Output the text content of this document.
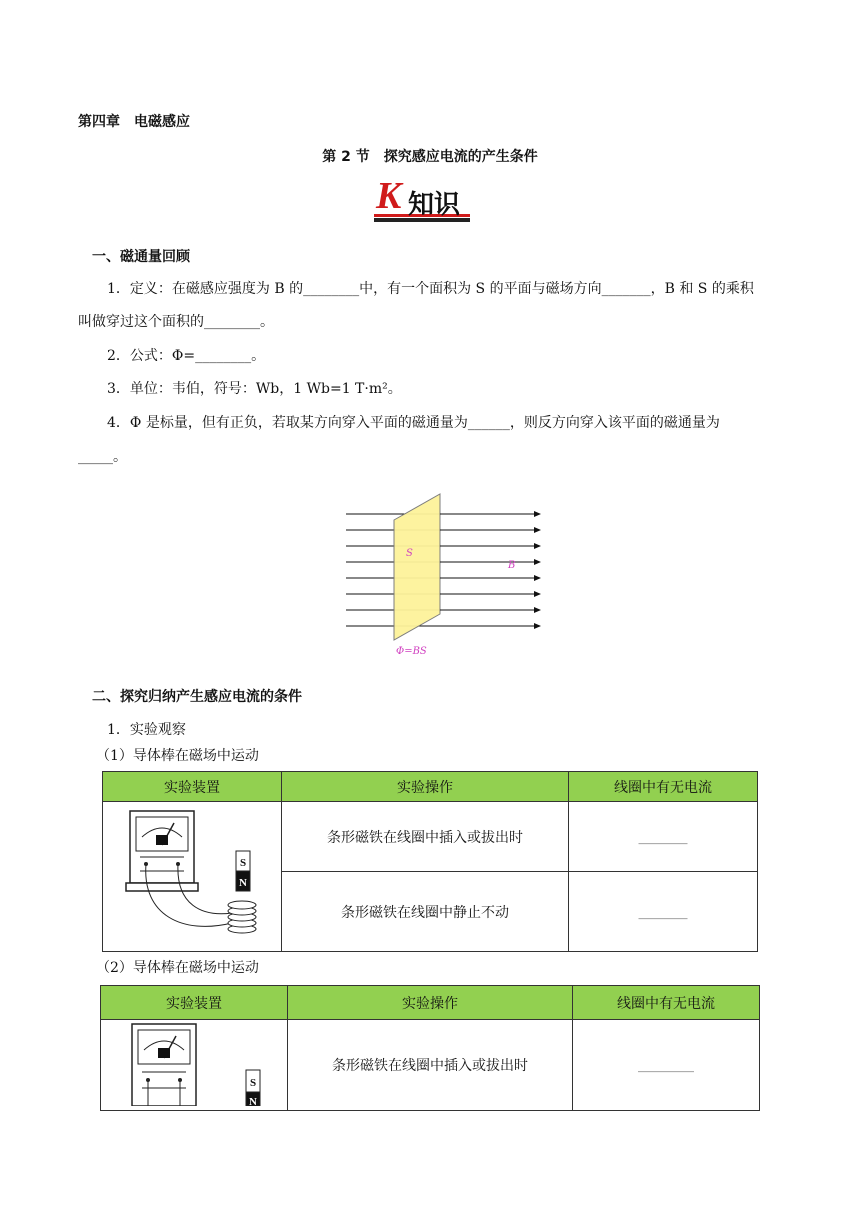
第四章　电磁感应
第 2 节　探究感应电流的产生条件
K 知识
一、磁通量回顾
1．定义：在磁感应强度为 B 的________中，有一个面积为 S 的平面与磁场方向_______，B 和 S 的乘积
叫做穿过这个面积的________。
2．公式：Φ=________。
3．单位：韦伯，符号：Wb，1 Wb=1 T·m²。
4．Φ 是标量，但有正负，若取某方向穿入平面的磁通量为______，则反方向穿入该平面的磁通量为
_____。
S
B
Φ=BS
二、探究归纳产生感应电流的条件
1．实验观察
（1）导体棒在磁场中运动
实验装置	实验操作	线圈中有无电流

S
N	条形磁铁在线圈中插入或拔出时	_______
	条形磁铁在线圈中静止不动	_______
（2）导体棒在磁场中运动
实验装置	实验操作	线圈中有无电流

S
N	条形磁铁在线圈中插入或拔出时	________
